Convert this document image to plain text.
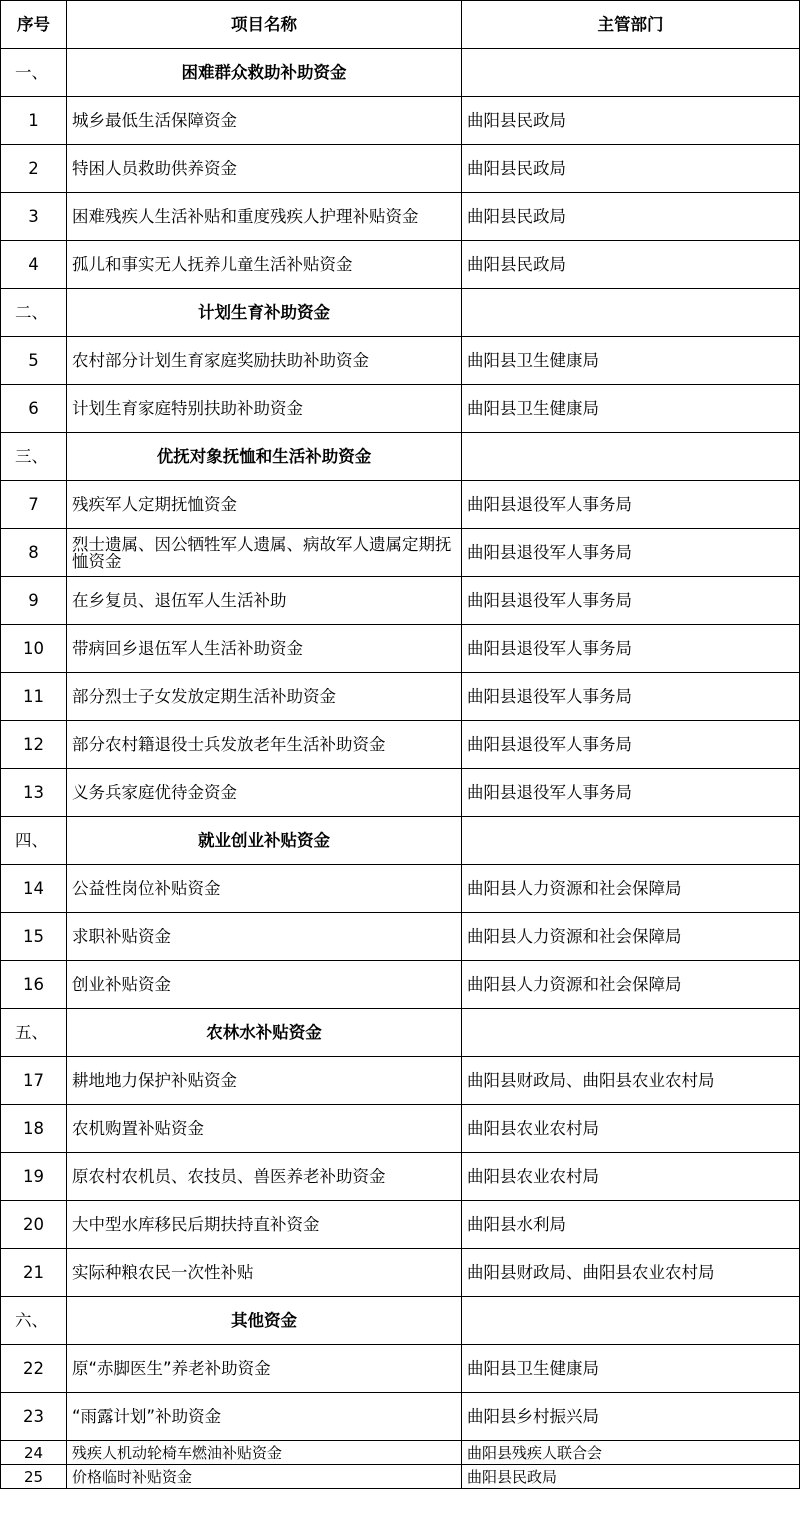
序号	项目名称	主管部门
一、	困难群众救助补助资金	
1	城乡最低生活保障资金	曲阳县民政局
2	特困人员救助供养资金	曲阳县民政局
3	困难残疾人生活补贴和重度残疾人护理补贴资金	曲阳县民政局
4	孤儿和事实无人抚养儿童生活补贴资金	曲阳县民政局
二、	计划生育补助资金	
5	农村部分计划生育家庭奖励扶助补助资金	曲阳县卫生健康局
6	计划生育家庭特别扶助补助资金	曲阳县卫生健康局
三、	优抚对象抚恤和生活补助资金	
7	残疾军人定期抚恤资金	曲阳县退役军人事务局
8	烈士遗属、因公牺牲军人遗属、病故军人遗属定期抚恤资金	曲阳县退役军人事务局
9	在乡复员、退伍军人生活补助	曲阳县退役军人事务局
10	带病回乡退伍军人生活补助资金	曲阳县退役军人事务局
11	部分烈士子女发放定期生活补助资金	曲阳县退役军人事务局
12	部分农村籍退役士兵发放老年生活补助资金	曲阳县退役军人事务局
13	义务兵家庭优待金资金	曲阳县退役军人事务局
四、	就业创业补贴资金	
14	公益性岗位补贴资金	曲阳县人力资源和社会保障局
15	求职补贴资金	曲阳县人力资源和社会保障局
16	创业补贴资金	曲阳县人力资源和社会保障局
五、	农林水补贴资金	
17	耕地地力保护补贴资金	曲阳县财政局、曲阳县农业农村局
18	农机购置补贴资金	曲阳县农业农村局
19	原农村农机员、农技员、兽医养老补助资金	曲阳县农业农村局
20	大中型水库移民后期扶持直补资金	曲阳县水利局
21	实际种粮农民一次性补贴	曲阳县财政局、曲阳县农业农村局
六、	其他资金	
22	原“赤脚医生”养老补助资金	曲阳县卫生健康局
23	“雨露计划”补助资金	曲阳县乡村振兴局
24	残疾人机动轮椅车燃油补贴资金	曲阳县残疾人联合会
25	价格临时补贴资金	曲阳县民政局
